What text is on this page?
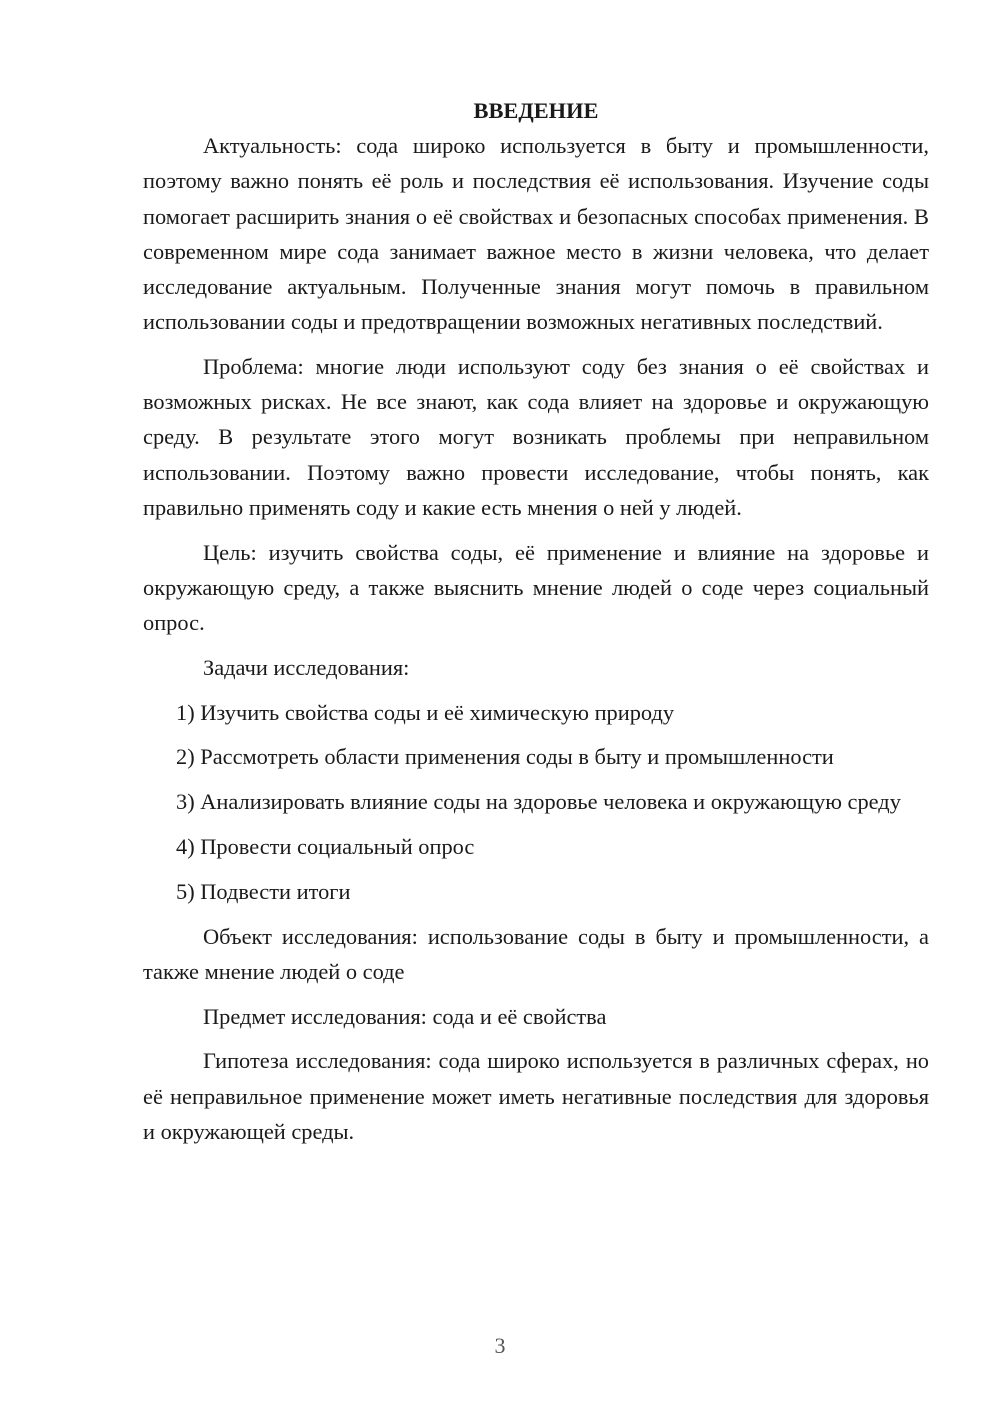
ВВЕДЕНИЕ

Актуальность: сода широко используется в быту и промышленности, поэтому важно понять её роль и последствия её использования. Изучение соды помогает расширить знания о её свойствах и безопасных способах применения. В современном мире сода занимает важное место в жизни человека, что делает исследование актуальным. Полученные знания могут помочь в правильном использовании соды и предотвращении возможных негативных последствий.

Проблема: многие люди используют соду без знания о её свойствах и возможных рисках. Не все знают, как сода влияет на здоровье и окружающую среду. В результате этого могут возникать проблемы при неправильном использовании. Поэтому важно провести исследование, чтобы понять, как правильно применять соду и какие есть мнения о ней у людей.

Цель: изучить свойства соды, её применение и влияние на здоровье и окружающую среду, а также выяснить мнение людей о соде через социальный опрос.

Задачи исследования:

1) Изучить свойства соды и её химическую природу

2) Рассмотреть области применения соды в быту и промышленности

3) Анализировать влияние соды на здоровье человека и окружающую среду

4) Провести социальный опрос

5) Подвести итоги

Объект исследования: использование соды в быту и промышленности, а также мнение людей о соде

Предмет исследования: сода и её свойства

Гипотеза исследования: сода широко используется в различных сферах, но её неправильное применение может иметь негативные последствия для здоровья и окружающей среды.

3
